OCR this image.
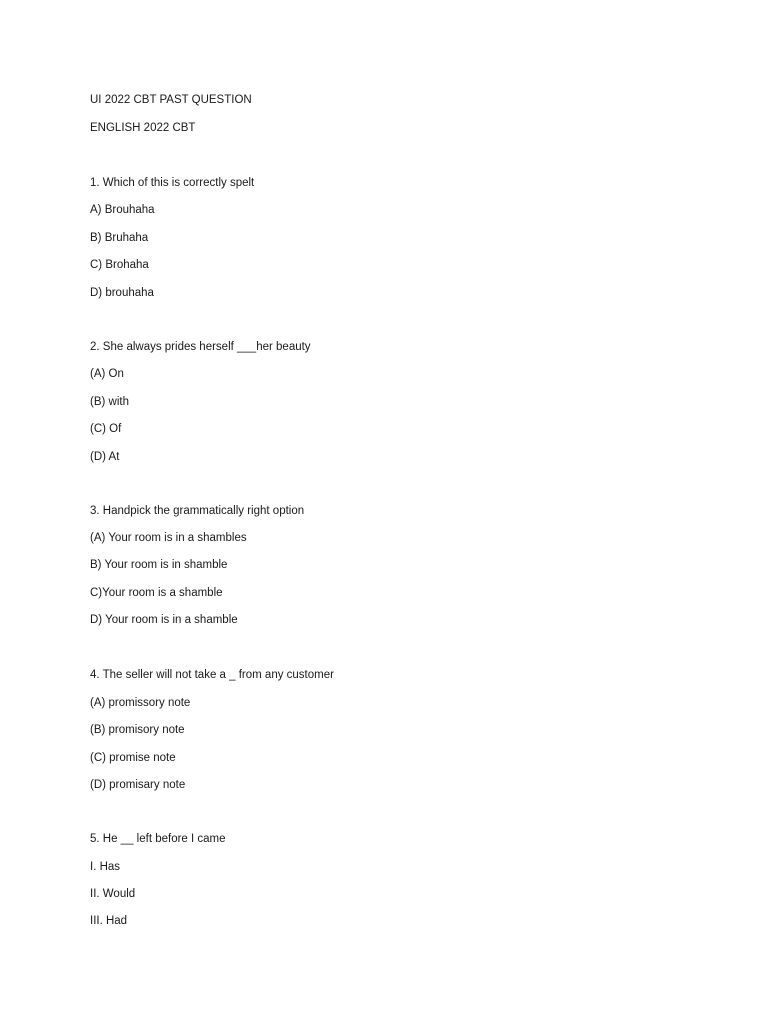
UI 2022 CBT PAST QUESTION
ENGLISH 2022 CBT
1. Which of this is correctly spelt
A) Brouhaha
B) Bruhaha
C) Brohaha
D) brouhaha
2. She always prides herself ___her beauty
(A) On
(B) with
(C) Of
(D) At
3. Handpick the grammatically right option
(A) Your room is in a shambles
B) Your room is in shamble
C)Your room is a shamble
D) Your room is in a shamble
4. The seller will not take a _ from any customer
(A) promissory note
(B) promisory note
(C) promise note
(D) promisary note
5. He __ left before I came
I. Has
II. Would
III. Had
